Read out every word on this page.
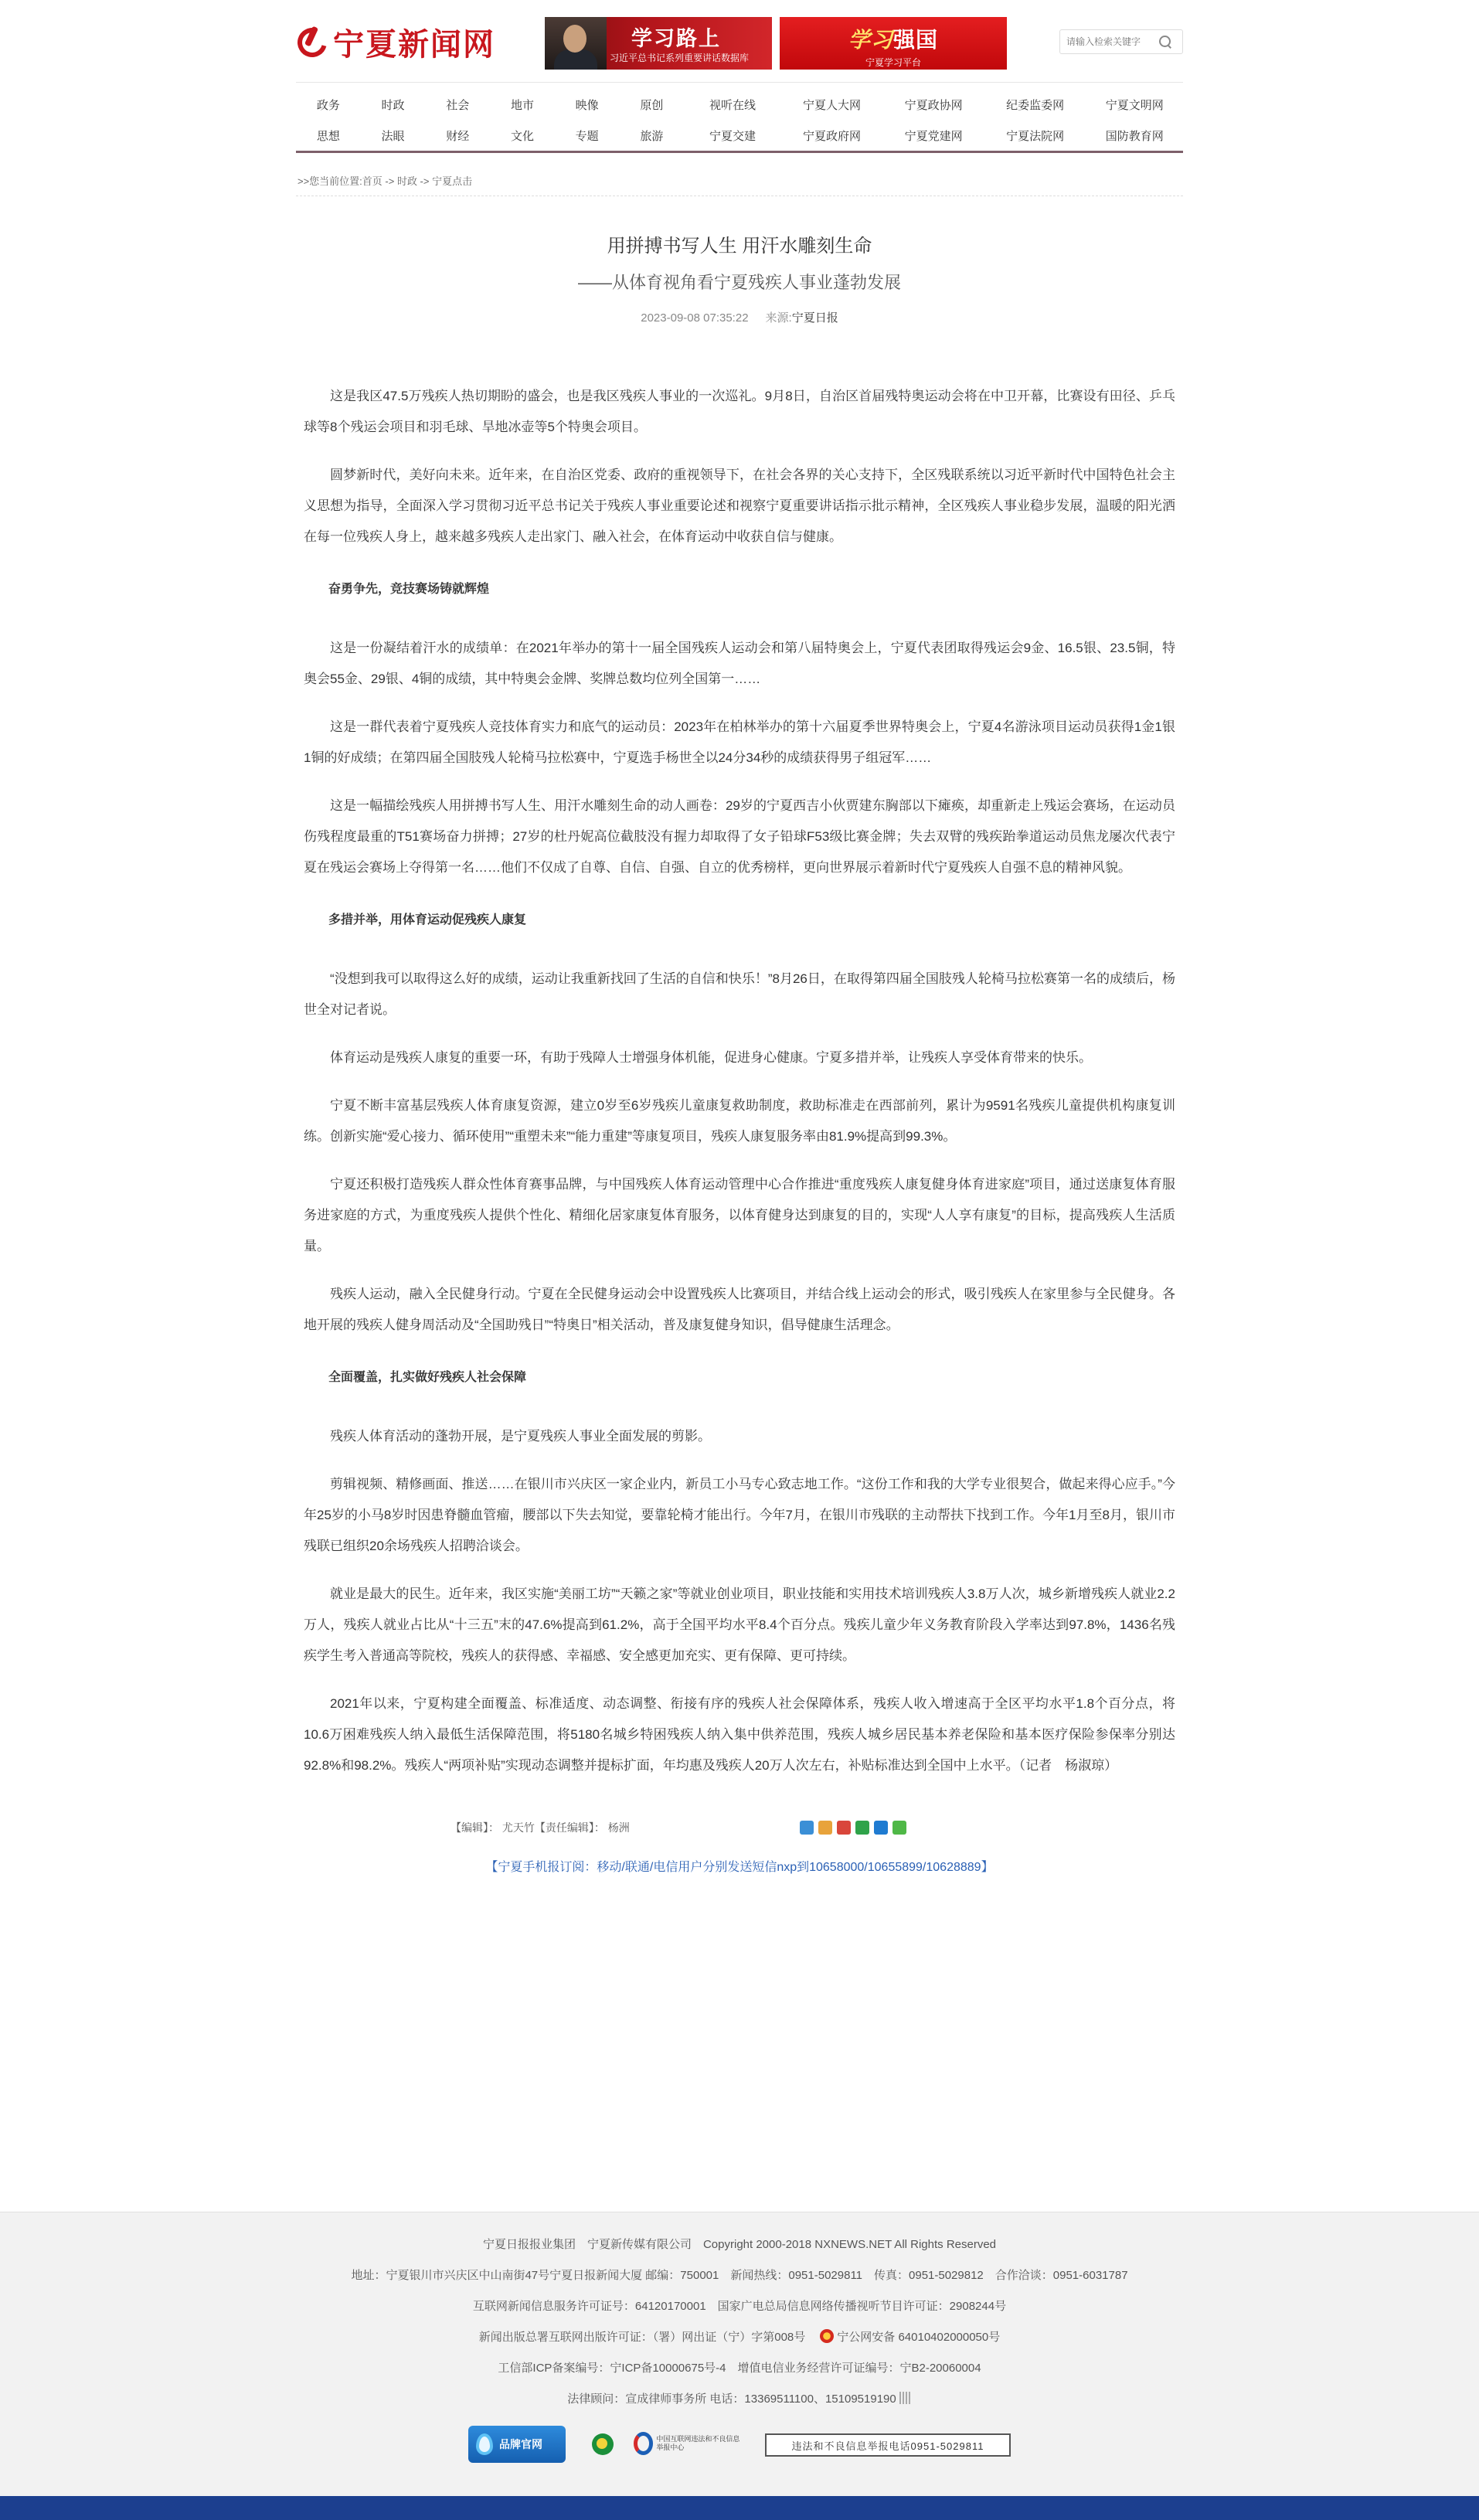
宁夏新闻网	学习路上
习近平总书记系列重要讲话数据库
学习强国
宁夏学习平台
请输入检索关键字
政务	时政	社会	地市	映像	原创	视听在线	宁夏人大网	宁夏政协网	纪委监委网	宁夏文明网
思想	法眼	财经	文化	专题	旅游	宁夏交建	宁夏政府网	宁夏党建网	宁夏法院网	国防教育网
>>您当前位置:首页 -> 时政 -> 宁夏点击
用拼搏书写人生 用汗水雕刻生命
——从体育视角看宁夏残疾人事业蓬勃发展
2023-09-08 07:35:22 来源:宁夏日报

这是我区47.5万残疾人热切期盼的盛会，也是我区残疾人事业的一次巡礼。9月8日，自治区首届残特奥运动会将在中卫开幕，比赛设有田径、乒乓球等8个残运会项目和羽毛球、旱地冰壶等5个特奥会项目。

圆梦新时代，美好向未来。近年来，在自治区党委、政府的重视领导下，在社会各界的关心支持下，全区残联系统以习近平新时代中国特色社会主义思想为指导，全面深入学习贯彻习近平总书记关于残疾人事业重要论述和视察宁夏重要讲话指示批示精神，全区残疾人事业稳步发展，温暖的阳光洒在每一位残疾人身上，越来越多残疾人走出家门、融入社会，在体育运动中收获自信与健康。

奋勇争先，竞技赛场铸就辉煌

这是一份凝结着汗水的成绩单：在2021年举办的第十一届全国残疾人运动会和第八届特奥会上，宁夏代表团取得残运会9金、16.5银、23.5铜，特奥会55金、29银、4铜的成绩，其中特奥会金牌、奖牌总数均位列全国第一……

这是一群代表着宁夏残疾人竞技体育实力和底气的运动员：2023年在柏林举办的第十六届夏季世界特奥会上，宁夏4名游泳项目运动员获得1金1银1铜的好成绩；在第四届全国肢残人轮椅马拉松赛中，宁夏选手杨世全以24分34秒的成绩获得男子组冠军……

这是一幅描绘残疾人用拼搏书写人生、用汗水雕刻生命的动人画卷：29岁的宁夏西吉小伙贾建东胸部以下瘫痪，却重新走上残运会赛场，在运动员伤残程度最重的T51赛场奋力拼搏；27岁的杜丹妮高位截肢没有握力却取得了女子铅球F53级比赛金牌；失去双臂的残疾跆拳道运动员焦龙屡次代表宁夏在残运会赛场上夺得第一名……他们不仅成了自尊、自信、自强、自立的优秀榜样，更向世界展示着新时代宁夏残疾人自强不息的精神风貌。

多措并举，用体育运动促残疾人康复

“没想到我可以取得这么好的成绩，运动让我重新找回了生活的自信和快乐！”8月26日，在取得第四届全国肢残人轮椅马拉松赛第一名的成绩后，杨世全对记者说。

体育运动是残疾人康复的重要一环，有助于残障人士增强身体机能，促进身心健康。宁夏多措并举，让残疾人享受体育带来的快乐。

宁夏不断丰富基层残疾人体育康复资源，建立0岁至6岁残疾儿童康复救助制度，救助标准走在西部前列，累计为9591名残疾儿童提供机构康复训练。创新实施“爱心接力、循环使用”“重塑未来”“能力重建”等康复项目，残疾人康复服务率由81.9%提高到99.3%。

宁夏还积极打造残疾人群众性体育赛事品牌，与中国残疾人体育运动管理中心合作推进“重度残疾人康复健身体育进家庭”项目，通过送康复体育服务进家庭的方式，为重度残疾人提供个性化、精细化居家康复体育服务，以体育健身达到康复的目的，实现“人人享有康复”的目标，提高残疾人生活质量。

残疾人运动，融入全民健身行动。宁夏在全民健身运动会中设置残疾人比赛项目，并结合线上运动会的形式，吸引残疾人在家里参与全民健身。各地开展的残疾人健身周活动及“全国助残日”“特奥日”相关活动，普及康复健身知识，倡导健康生活理念。

全面覆盖，扎实做好残疾人社会保障

残疾人体育活动的蓬勃开展，是宁夏残疾人事业全面发展的剪影。

剪辑视频、精修画面、推送……在银川市兴庆区一家企业内，新员工小马专心致志地工作。“这份工作和我的大学专业很契合，做起来得心应手。”今年25岁的小马8岁时因患脊髓血管瘤，腰部以下失去知觉，要靠轮椅才能出行。今年7月，在银川市残联的主动帮扶下找到工作。今年1月至8月，银川市残联已组织20余场残疾人招聘洽谈会。

就业是最大的民生。近年来，我区实施“美丽工坊”“天籁之家”等就业创业项目，职业技能和实用技术培训残疾人3.8万人次，城乡新增残疾人就业2.2万人，残疾人就业占比从“十三五”末的47.6%提高到61.2%，高于全国平均水平8.4个百分点。残疾儿童少年义务教育阶段入学率达到97.8%，1436名残疾学生考入普通高等院校，残疾人的获得感、幸福感、安全感更加充实、更有保障、更可持续。

2021年以来，宁夏构建全面覆盖、标准适度、动态调整、衔接有序的残疾人社会保障体系，残疾人收入增速高于全区平均水平1.8个百分点，将10.6万困难残疾人纳入最低生活保障范围，将5180名城乡特困残疾人纳入集中供养范围，残疾人城乡居民基本养老保险和基本医疗保险参保率分别达92.8%和98.2%。残疾人“两项补贴”实现动态调整并提标扩面，年均惠及残疾人20万人次左右，补贴标准达到全国中上水平。（记者　杨淑琼）

【编辑】： 尤天竹【责任编辑】： 杨洲
【宁夏手机报订阅：移动/联通/电信用户分别发送短信nxp到10658000/10655899/10628889】
宁夏日报报业集团　宁夏新传媒有限公司　Copyright 2000-2018 NXNEWS.NET All Rights Reserved
地址：宁夏银川市兴庆区中山南街47号宁夏日报新闻大厦 邮编：750001　新闻热线：0951-5029811　传真：0951-5029812　合作洽谈：0951-6031787
互联网新闻信息服务许可证号：64120170001　国家广电总局信息网络传播视听节目许可证：2908244号
新闻出版总署互联网出版许可证：（署）网出证（宁）字第008号　	宁公网安备 64010402000050号
工信部ICP备案编号：宁ICP备10000675号-4　增值电信业务经营许可证编号：宁B2-20060004
法律顾问：宣成律师事务所 电话：13369511100、15109519190
品牌官网	中国互联网违法和不良信息举报中心	违法和不良信息举报电话0951-5029811
